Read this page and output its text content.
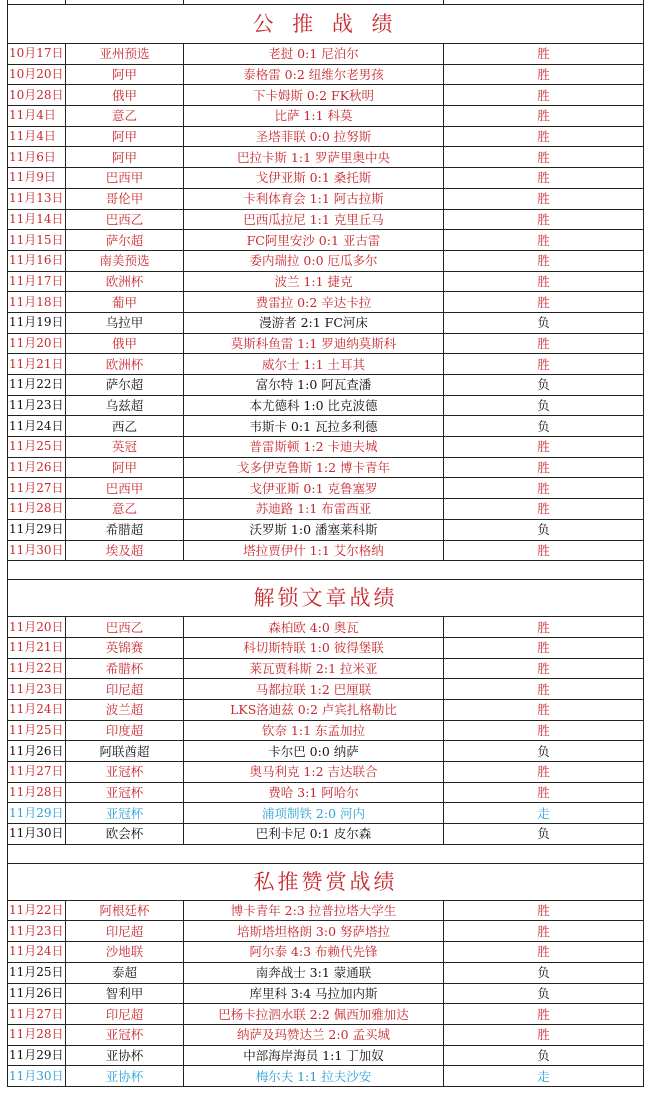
公 推 战 绩			
10月17日	亚州预选	老挝 0:1 尼泊尔	胜
10月20日	阿甲	泰格雷 0:2 纽维尔老男孩	胜
10月28日	俄甲	下卡姆斯 0:2 FK秋明	胜
11月4日	意乙	比萨 1:1 科莫	胜
11月4日	阿甲	圣塔菲联 0:0 拉努斯	胜
11月6日	阿甲	巴拉卡斯 1:1 罗萨里奥中央	胜
11月9日	巴西甲	戈伊亚斯 0:1 桑托斯	胜
11月13日	哥伦甲	卡利体育会 1:1 阿古拉斯	胜
11月14日	巴西乙	巴西瓜拉尼 1:1 克里丘马	胜
11月15日	萨尔超	FC阿里安沙 0:1 亚古雷	胜
11月16日	南美预选	委内瑞拉 0:0 厄瓜多尔	胜
11月17日	欧洲杯	波兰 1:1 捷克	胜
11月18日	葡甲	费雷拉 0:2 辛达卡拉	胜
11月19日	乌拉甲	漫游者 2:1 FC河床	负
11月20日	俄甲	莫斯科鱼雷 1:1 罗迪纳莫斯科	胜
11月21日	欧洲杯	威尔士 1:1 土耳其	胜
11月22日	萨尔超	富尔特 1:0 阿瓦查潘	负
11月23日	乌兹超	本尤德科 1:0 比克波德	负
11月24日	西乙	韦斯卡 0:1 瓦拉多利德	负
11月25日	英冠	普雷斯顿 1:2 卡迪夫城	胜
11月26日	阿甲	戈多伊克鲁斯 1:2 博卡青年	胜
11月27日	巴西甲	戈伊亚斯 0:1 克鲁塞罗	胜
11月28日	意乙	苏迪路 1:1 布雷西亚	胜
11月29日	希腊超	沃罗斯 1:0 潘塞莱科斯	负
11月30日	埃及超	塔拉贾伊什 1:1 艾尔格纳	胜

解锁文章战绩			
11月20日	巴西乙	森柏欧 4:0 奥瓦	胜
11月21日	英锦赛	科切斯特联 1:0 彼得堡联	胜
11月22日	希腊杯	莱瓦贾科斯 2:1 拉米亚	胜
11月23日	印尼超	马都拉联 1:2 巴厘联	胜
11月24日	波兰超	LKS洛迪兹 0:2 卢宾扎格勒比	胜
11月25日	印度超	钦奈 1:1 东孟加拉	胜
11月26日	阿联酋超	卡尔巴 0:0 纳萨	负
11月27日	亚冠杯	奥马利克 1:2 吉达联合	胜
11月28日	亚冠杯	费哈 3:1 阿哈尔	胜
11月29日	亚冠杯	浦项制铁 2:0 河内	走
11月30日	欧会杯	巴利卡尼 0:1 皮尔森	负

私推赞赏战绩			
11月22日	阿根廷杯	博卡青年 2:3 拉普拉塔大学生	胜
11月23日	印尼超	培斯塔坦格朗 3:0 努萨塔拉	胜
11月24日	沙地联	阿尔泰 4:3 布赖代先锋	胜
11月25日	泰超	南奔战士 3:1 蒙通联	负
11月26日	智利甲	库里科 3:4 马拉加内斯	负
11月27日	印尼超	巴杨卡拉泗水联 2:2 佩西加雅加达	胜
11月28日	亚冠杯	纳萨及玛赞达兰 2:0 孟买城	胜
11月29日	亚协杯	中部海岸海员 1:1 丁加奴	负
11月30日	亚协杯	梅尔夫 1:1 拉夫沙安	走
